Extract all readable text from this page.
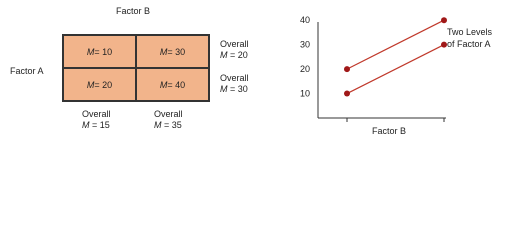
Factor B
Factor A
M = 10	M = 30
M = 20	M = 40
Overall
M = 20
Overall
M = 30
Overall
M = 15
Overall
M = 35
10
20
30
40
Two Levels
of Factor A
Factor B
